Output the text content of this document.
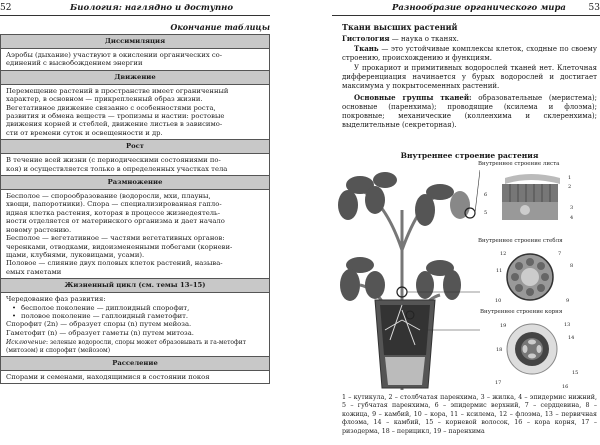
52	Биология: наглядно и доступно
Окончание таблицы
Диссимиляция
Аэробы (дыхание) участвуют в окислении органических со-
единений с высвобождением энергии
Движение
Перемещение растений в пространстве имеет ограниченный
характер, в основном — прикрепленный образ жизни.
Вегетативное движение связанно с особенностями роста,
развития и обмена веществ — тропизмы и настии: ростовые
движения корней и стеблей, движение листьев в зависимо-
сти от времени суток и освещенности и др.
Рост
В течение всей жизни (с периодическими состояниями по-
коя) и осуществляется только в определенных участках тела
Размножение
Бесполое — спорообразование (водоросли, мхи, плауны,
хвощи, папоротники). Спора — специализированная гапло-
идная клетка растения, которая в процессе жизнедеятель-
ности отделяется от материнского организма и дает начало
новому растению.
Бесполое — вегетативное — частями вегетативных органов:
черенками, отводками, видоизмененными побегами (корневи-
щами, клубнями, луковицами, усами).
Половое — слияние двух половых клеток растений, называ-
емых гаметами
Жизненный цикл (см. темы 13–15)

Чередование фаз развития:
• бесполое поколение — диплоидный спорофит,
• половое поколение — гаплоидный гаметофит.
Спорофит (2n) — образует споры (n) путем мейоза.
Гаметофит (n) — образует гаметы (n) путем митоза.
Исключение: зеленые водоросли, споры может образовывать и га-метофит (митозом) и спорофит (мейозом)

Расселение
Спорами и семенами, находящимися в состоянии покоя
Разнообразие органического мира	53
Ткани высших растений
Гистология — наука о тканях.
Ткань — это устойчивые комплексы клеток, сходные по своему строению, происхождению и функциям.
У прокариот и примитивных водорослей тканей нет. Клеточная дифференциация начинается у бурых водорослей и достигает максимума у покрытосеменных растений.
Основные группы тканей: образовательные (меристема); основные (паренхима); проводящие (ксилема и флоэма); покровные; механические (колленхима и склеренхима); выделительные (секреторная).
Внутреннее строение растения
Внутреннее строение листа
1
2
3
4
5
6
Внутреннее строение стебля
7
8
9
10
11
12
Внутреннее строение корня
13
14
15
16
17
18
19
1 – кутикула, 2 – столбчатая паренхима, 3 – жилка, 4 – эпидермис нижний, 5 – губчатая паренхима, 6 – эпидермис верхний, 7 – сердцевина, 8 – кожица, 9 – камбий, 10 – кора, 11 – ксилема, 12 – флоэма, 13 – первичная флоэма, 14 – камбий, 15 – корневой волосок, 16 – кора корня, 17 – ризодерма, 18 – перицикл, 19 – паренхима
